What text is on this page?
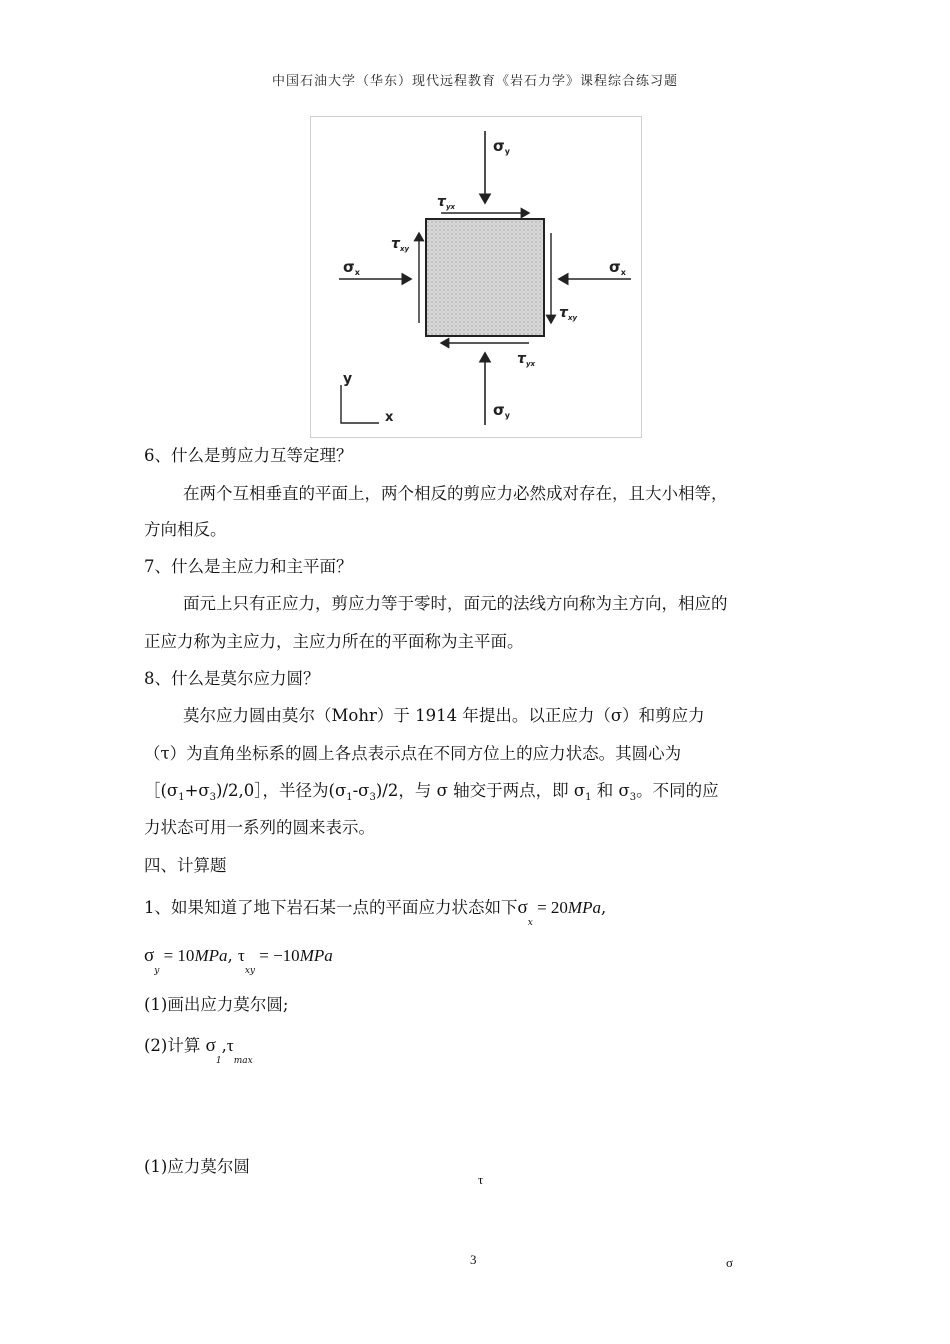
中国石油大学（华东）现代远程教育《岩石力学》课程综合练习题
$\sigma_y$
$\tau_{yx}$
$\tau_{xy}$
$\sigma_x$	$\sigma_x$
$\tau_{xy}$
$\tau_{yx}$
$\sigma_y$
y
x
6、什么是剪应力互等定理？
在两个互相垂直的平面上，两个相反的剪应力必然成对存在，且大小相等，
方向相反。
7、什么是主应力和主平面？
面元上只有正应力，剪应力等于零时，面元的法线方向称为主方向，相应的
正应力称为主应力，主应力所在的平面称为主平面。
8、什么是莫尔应力圆？
莫尔应力圆由莫尔（Mohr）于 1914 年提出。以正应力（σ）和剪应力
（τ）为直角坐标系的圆上各点表示点在不同方位上的应力状态。其圆心为
$[(\sigma_1+\sigma_3)/2,0]$，半径为$(\sigma_1-\sigma_3)/2$，与 σ 轴交于两点，即 $\sigma_1$ 和 $\sigma_3$。不同的应
力状态可用一系列的圆来表示。
四、计算题
1、如果知道了地下岩石某一点的平面应力状态如下$\sigma_x = 20MPa$,
$\sigma_y = 10MPa$, $\tau_{xy} = -10MPa$
(1)画出应力莫尔圆;
(2)计算 $\sigma_1,\tau_{max}$
(1)应力莫尔圆
τ
3	σ
